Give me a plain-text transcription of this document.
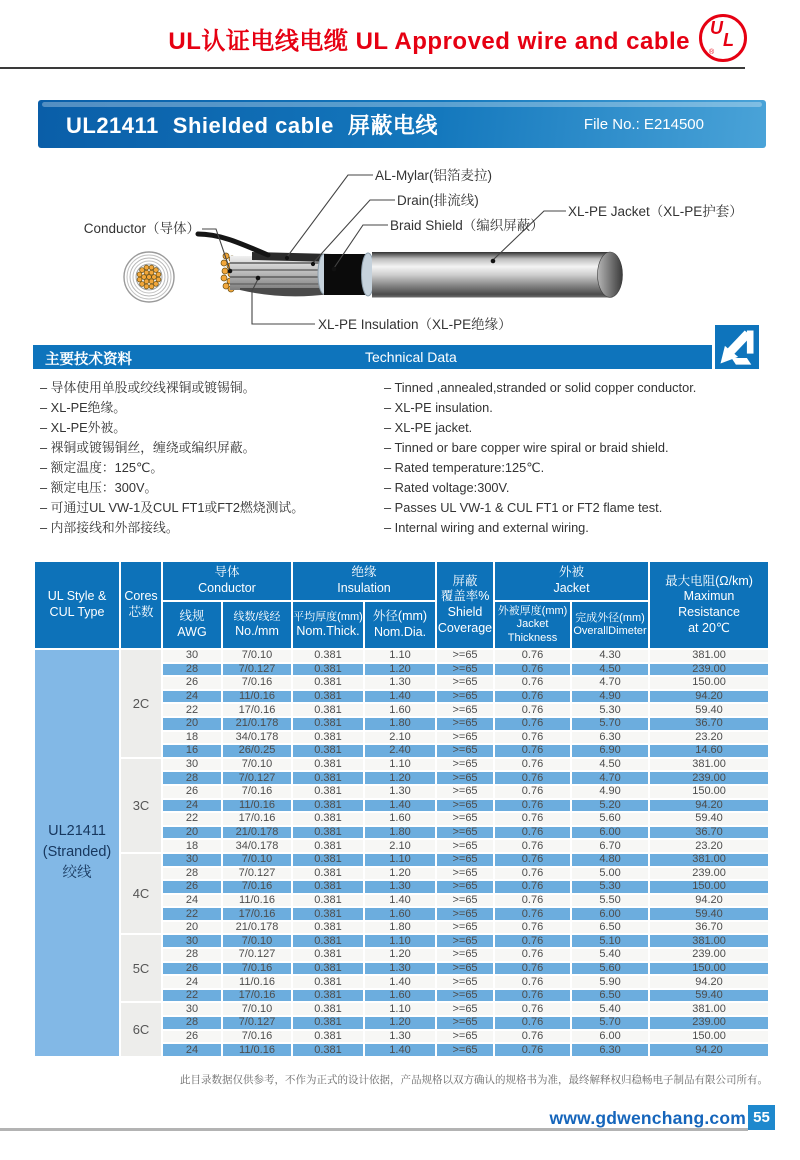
UL认证电线电缆 UL Approved wire and cable U
L
®
UL21411 Shielded cable 屏蔽电线	File No.: E214500
AL-Mylar(铝箔麦拉)
Drain(排流线)
Braid Shield（编织屏蔽）
XL-PE Jacket（XL-PE护套）
Conductor（导体）
XL-PE Insulation（XL-PE绝缘）
主要技术资料	Technical Data
– 导体使用单股或绞线裸铜或镀锡铜。
– XL-PE绝缘。
– XL-PE外被。
– 裸铜或镀锡铜丝，缠绕或编织屏蔽。
– 额定温度：125℃。
– 额定电压：300V。
– 可通过UL VW-1及CUL FT1或FT2燃烧测试。
– 内部接线和外部接线。
– Tinned ,annealed,stranded or solid copper conductor.
– XL-PE insulation.
– XL-PE jacket.
– Tinned or bare copper wire spiral or braid shield.
– Rated temperature:125℃.
– Rated voltage:300V.
– Passes UL VW-1 & CUL FT1 or FT2 flame test.
– Internal wiring and external wiring.
UL Style &
CUL Type

Cores
芯数

导体
Conductor

绝缘
Insulation

屏蔽
覆盖率%
Shield
Coverage

外被
Jacket

最大电阻(Ω/km)
Maximun
Resistance
at 20℃

线规
AWG

线数/线经
No./mm

平均厚度(mm)
Nom.Thick.

外径(mm)
Nom.Dia.

外被厚度(mm)
Jacket Thickness

完成外径(mm)
OverallDimeter

UL21411
(Stranded)
绞线	2C	30	7/0.10	0.381	1.10	>=65	0.76	4.30	381.00
		28	7/0.127	0.381	1.20	>=65	0.76	4.50	239.00
		26	7/0.16	0.381	1.30	>=65	0.76	4.70	150.00
		24	11/0.16	0.381	1.40	>=65	0.76	4.90	94.20
		22	17/0.16	0.381	1.60	>=65	0.76	5.30	59.40
		20	21/0.178	0.381	1.80	>=65	0.76	5.70	36.70
		18	34/0.178	0.381	2.10	>=65	0.76	6.30	23.20
		16	26/0.25	0.381	2.40	>=65	0.76	6.90	14.60
	3C	30	7/0.10	0.381	1.10	>=65	0.76	4.50	381.00
		28	7/0.127	0.381	1.20	>=65	0.76	4.70	239.00
		26	7/0.16	0.381	1.30	>=65	0.76	4.90	150.00
		24	11/0.16	0.381	1.40	>=65	0.76	5.20	94.20
		22	17/0.16	0.381	1.60	>=65	0.76	5.60	59.40
		20	21/0.178	0.381	1.80	>=65	0.76	6.00	36.70
		18	34/0.178	0.381	2.10	>=65	0.76	6.70	23.20
	4C	30	7/0.10	0.381	1.10	>=65	0.76	4.80	381.00
		28	7/0.127	0.381	1.20	>=65	0.76	5.00	239.00
		26	7/0.16	0.381	1.30	>=65	0.76	5.30	150.00
		24	11/0.16	0.381	1.40	>=65	0.76	5.50	94.20
		22	17/0.16	0.381	1.60	>=65	0.76	6.00	59.40
		20	21/0.178	0.381	1.80	>=65	0.76	6.50	36.70
	5C	30	7/0.10	0.381	1.10	>=65	0.76	5.10	381.00
		28	7/0.127	0.381	1.20	>=65	0.76	5.40	239.00
		26	7/0.16	0.381	1.30	>=65	0.76	5.60	150.00
		24	11/0.16	0.381	1.40	>=65	0.76	5.90	94.20
		22	17/0.16	0.381	1.60	>=65	0.76	6.50	59.40
	6C	30	7/0.10	0.381	1.10	>=65	0.76	5.40	381.00
		28	7/0.127	0.381	1.20	>=65	0.76	5.70	239.00
		26	7/0.16	0.381	1.30	>=65	0.76	6.00	150.00
		24	11/0.16	0.381	1.40	>=65	0.76	6.30	94.20
此目录数据仅供参考，不作为正式的设计依据，产品规格以双方确认的规格书为准，最终解释权归稳畅电子制品有限公司所有。
www.gdwenchang.com 55
